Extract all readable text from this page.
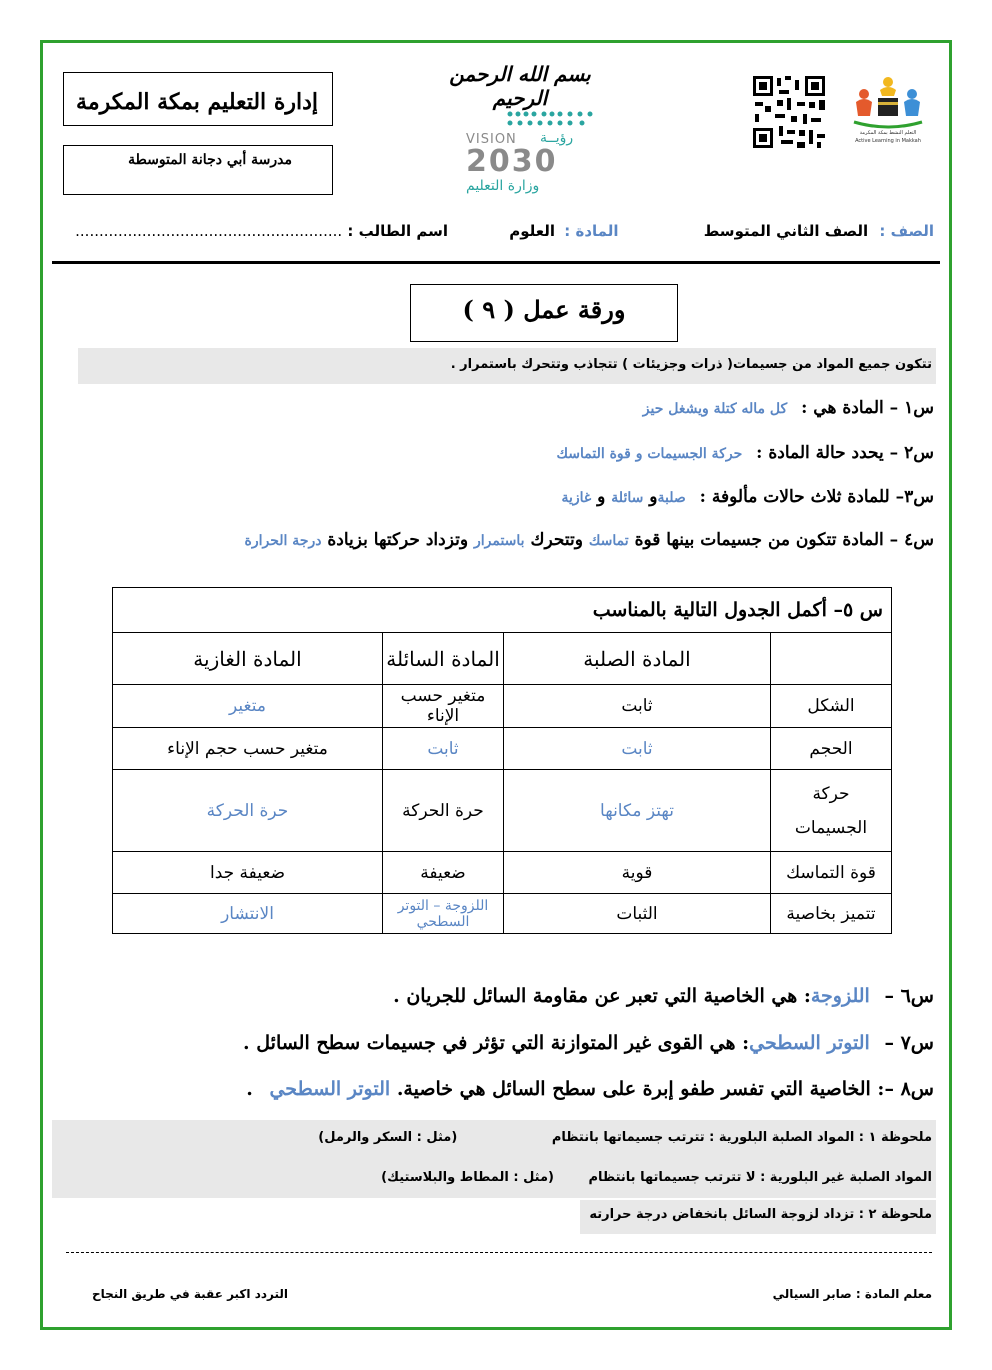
إدارة التعليم بمكة المكرمة
مدرسة أبي دجانة المتوسطة
بسم الله الرحمن الرحيم
VISION رؤيــة
2030
وزارة التعليم
التعلم النشط بمكة المكرمة
Active Learning in Makkah
الصف : الصف الثاني المتوسط المادة : العلوم اسم الطالب : ........................................................
ورقة عمل ( ٩ )
تتكون جميع المواد من جسيمات( ذرات وجزيئات ) تتجاذب وتتحرك باستمرار .
س١ – المادة هي : كل ماله كتلة ويشغل حيز
س٢ – يحدد حالة المادة : حركة الجسيمات و قوة التماسك
س٣– للمادة ثلاث حالات مألوفة : صلبةو سائلة و غازية
س٤ – المادة تتكون من جسيمات بينها قوة تماسك وتتحرك باستمرار وتزداد حركتها بزيادة درجة الحرارة
س ٥– أكمل الجدول التالية بالمناسب			
	المادة الصلبة	المادة السائلة	المادة الغازية
الشكل	ثابت	متغير حسب الإناء	متغير
الحجم	ثابت	ثابت	متغير حسب حجم الإناء
حركة الجسيمات	تهتز مكانها	حرة الحركة	حرة الحركة
قوة التماسك	قوية	ضعيفة	ضعيفة جدا
تتميز بخاصية	الثبات	اللزوجة – التوتر السطحي	الانتشار
س٦ – اللزوجة: هي الخاصية التي تعبر عن مقاومة السائل للجريان .
س٧ – التوتر السطحي: هي القوى غير المتوازنة التي تؤثر في جسيمات سطح السائل .
س٨ –: الخاصية التي تفسر طفو إبرة على سطح السائل هي خاصية. التوتر السطحي .
ملحوظة ١ : المواد الصلبة البلورية : تترتب جسيماتها بانتظام (مثل : السكر والرمل)
المواد الصلبة غير البلورية : لا تترتب جسيماتها بانتظام (مثل : المطاط والبلاستيك)
ملحوظة ٢ : تزداد لزوجة السائل بانخفاض درجة حرارته
معلم المادة : صابر السيالي
التردد اكبر عقبة في طريق النجاح
